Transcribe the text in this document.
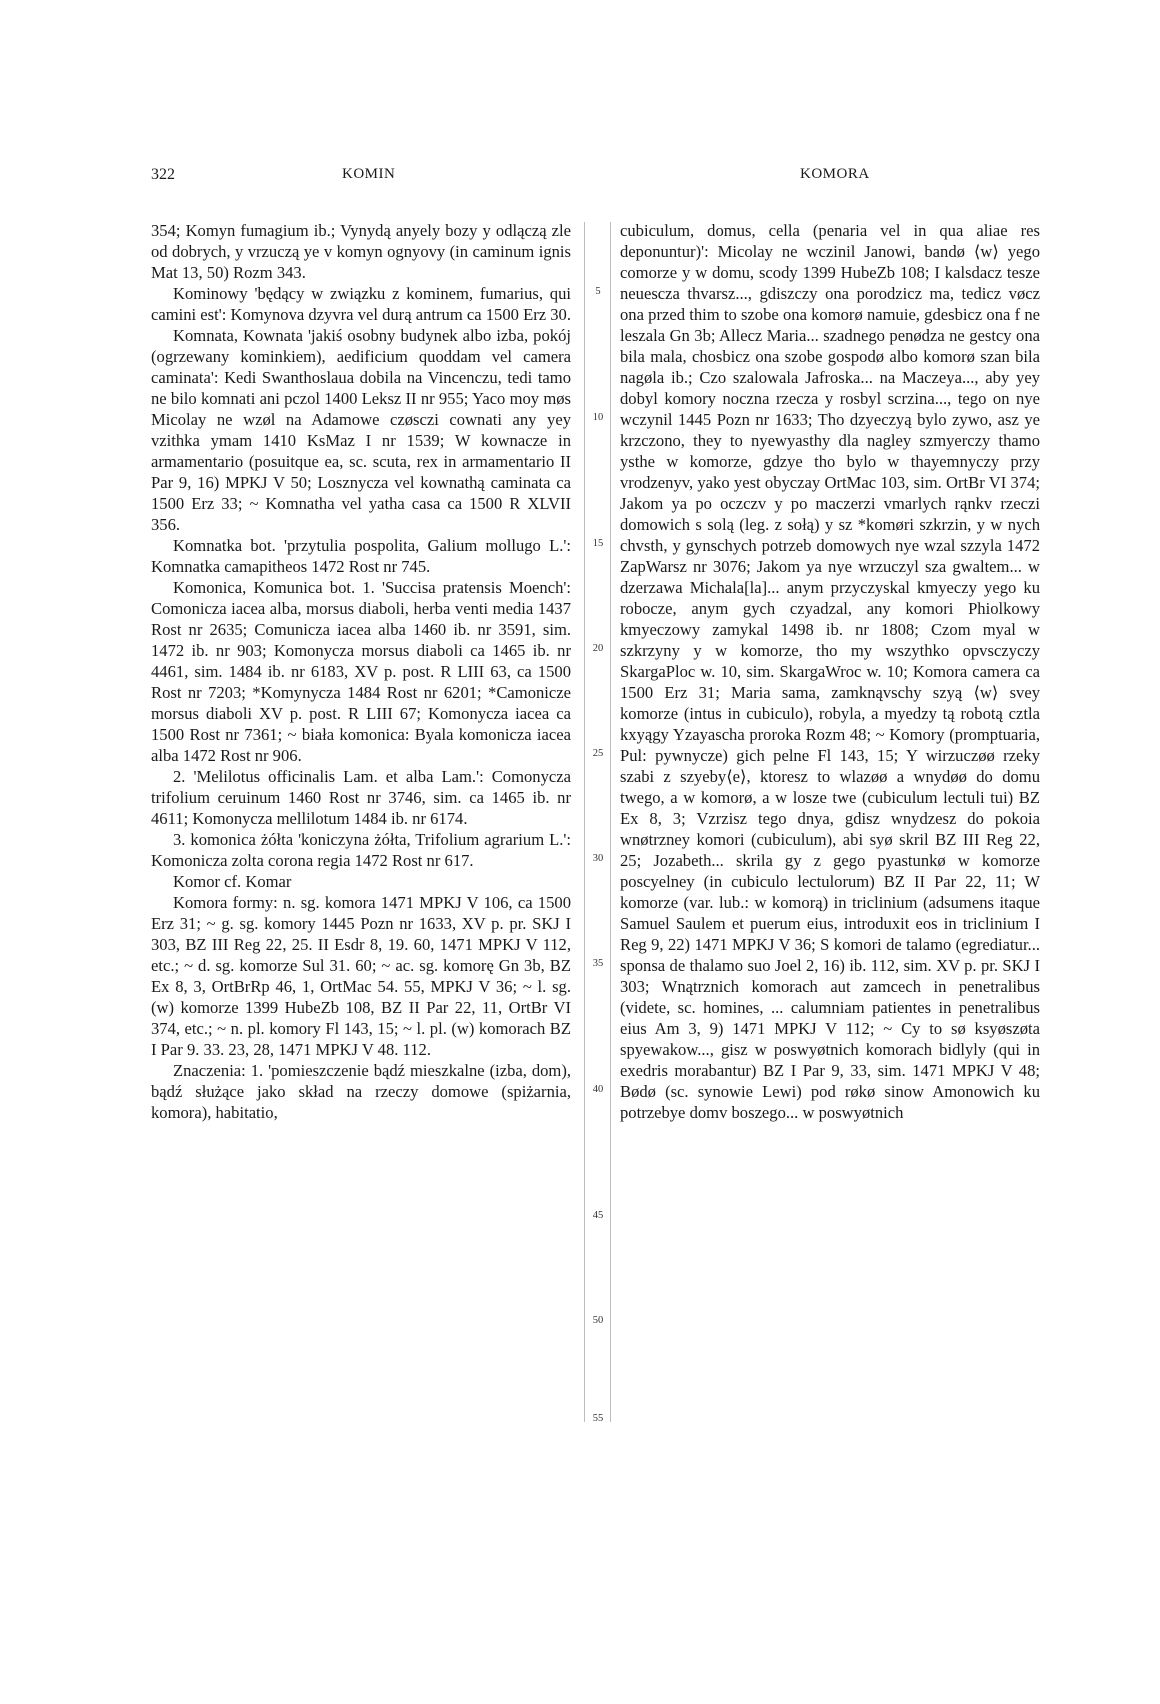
322	KOMIN	KOMORA

354; Komyn fumagium ib.; Vynydą anyely bozy y odlączą zle od dobrych, y vrzuczą ye v komyn ognyovy (in caminum ignis Mat 13, 50) Rozm 343.

Kominowy 'będący w związku z kominem, fumarius, qui camini est': Komynova dzyvra vel durą antrum ca 1500 Erz 30.

Komnata, Kownata 'jakiś osobny budynek albo izba, pokój (ogrzewany kominkiem), aedificium quoddam vel camera caminata': Kedi Swanthoslaua dobila na Vincenczu, tedi tamo ne bilo komnati ani pczol 1400 Leksz II nr 955; Yaco moy møs Micolay ne wzøl na Adamowe czøsczi cownati any yey vzithka ymam 1410 KsMaz I nr 1539; W kownacze in armamentario (posuitque ea, sc. scuta, rex in armamentario II Par 9, 16) MPKJ V 50; Losznycza vel kownathą caminata ca 1500 Erz 33; ~ Komnatha vel yatha casa ca 1500 R XLVII 356.

Komnatka bot. 'przytulia pospolita, Galium mollugo L.': Komnatka camapitheos 1472 Rost nr 745.

Komonica, Komunica bot. 1. 'Succisa pratensis Moench': Comonicza iacea alba, morsus diaboli, herba venti media 1437 Rost nr 2635; Comunicza iacea alba 1460 ib. nr 3591, sim. 1472 ib. nr 903; Komonycza morsus diaboli ca 1465 ib. nr 4461, sim. 1484 ib. nr 6183, XV p. post. R LIII 63, ca 1500 Rost nr 7203; *Komynycza 1484 Rost nr 6201; *Camonicze morsus diaboli XV p. post. R LIII 67; Komonycza iacea ca 1500 Rost nr 7361; ~ biała komonica: Byala komonicza iacea alba 1472 Rost nr 906.

2. 'Melilotus officinalis Lam. et alba Lam.': Comonycza trifolium ceruinum 1460 Rost nr 3746, sim. ca 1465 ib. nr 4611; Komonycza mellilotum 1484 ib. nr 6174.

3. komonica żółta 'koniczyna żółta, Trifolium agrarium L.': Komonicza zolta corona regia 1472 Rost nr 617.

Komor cf. Komar

Komora formy: n. sg. komora 1471 MPKJ V 106, ca 1500 Erz 31; ~ g. sg. komory 1445 Pozn nr 1633, XV p. pr. SKJ I 303, BZ III Reg 22, 25. II Esdr 8, 19. 60, 1471 MPKJ V 112, etc.; ~ d. sg. komorze Sul 31. 60; ~ ac. sg. komorę Gn 3b, BZ Ex 8, 3, OrtBrRp 46, 1, OrtMac 54. 55, MPKJ V 36; ~ l. sg. (w) komorze 1399 HubeZb 108, BZ II Par 22, 11, OrtBr VI 374, etc.; ~ n. pl. komory Fl 143, 15; ~ l. pl. (w) komorach BZ I Par 9. 33. 23, 28, 1471 MPKJ V 48. 112.

Znaczenia: 1. 'pomieszczenie bądź mieszkalne (izba, dom), bądź służące jako skład na rzeczy domowe (spiżarnia, komora), habitatio,

5
10
15
20
25
30
35
40
45
50
55

cubiculum, domus, cella (penaria vel in qua aliae res deponuntur)': Micolay ne wczinil Janowi, bandø ⟨w⟩ yego comorze y w domu, scody 1399 HubeZb 108; I kalsdacz tesze neuescza thvarsz..., gdiszczy ona porodzicz ma, tedicz vøcz ona przed thim to szobe ona komorø namuie, gdesbicz ona f ne leszala Gn 3b; Allecz Maria... szadnego penødza ne gestcy ona bila mala, chosbicz ona szobe gospodø albo komorø szan bila nagøla ib.; Czo szalowala Jafroska... na Maczeya..., aby yey dobyl komory noczna rzecza y rosbyl scrzina..., tego on nye wczynil 1445 Pozn nr 1633; Tho dzyeczyą bylo zywo, asz ye krzczono, they to nyewyasthy dla nagley szmyerczy thamo ysthe w komorze, gdzye tho bylo w thayemnyczy przy vrodzenyv, yako yest obyczay OrtMac 103, sim. OrtBr VI 374; Jakom ya po oczczv y po maczerzi vmarlych rąnkv rzeczi domowich s solą (leg. z sołą) y sz *komøri szkrzin, y w nych chvsth, y gynschych potrzeb domowych nye wzal szzyla 1472 ZapWarsz nr 3076; Jakom ya nye wrzuczyl sza gwaltem... w dzerzawa Michala[la]... anym przyczyskal kmyeczy yego ku robocze, anym gych czyadzal, any komori Phiolkowy kmyeczowy zamykal 1498 ib. nr 1808; Czom myal w szkrzyny y w komorze, tho my wszythko opvsczyczy SkargaPloc w. 10, sim. SkargaWroc w. 10; Komora camera ca 1500 Erz 31; Maria sama, zamknąvschy szyą ⟨w⟩ svey komorze (intus in cubiculo), robyla, a myedzy tą robotą cztla kxyągy Yzayascha proroka Rozm 48; ~ Komory (promptuaria, Pul: pywnycze) gich pelne Fl 143, 15; Y wirzuczøø rzeky szabi z szyeby⟨e⟩, ktoresz to wlazøø a wnydøø do domu twego, a w komorø, a w losze twe (cubiculum lectuli tui) BZ Ex 8, 3; Vzrzisz tego dnya, gdisz wnydzesz do pokoia wnøtrzney komori (cubiculum), abi syø skril BZ III Reg 22, 25; Jozabeth... skrila gy z gego pyastunkø w komorze poscyelney (in cubiculo lectulorum) BZ II Par 22, 11; W komorze (var. lub.: w komorą) in triclinium (adsumens itaque Samuel Saulem et puerum eius, introduxit eos in triclinium I Reg 9, 22) 1471 MPKJ V 36; S komori de talamo (egrediatur... sponsa de thalamo suo Joel 2, 16) ib. 112, sim. XV p. pr. SKJ I 303; Wnątrznich komorach aut zamcech in penetralibus (videte, sc. homines, ... calumniam patientes in penetralibus eius Am 3, 9) 1471 MPKJ V 112; ~ Cy to sø ksyøszøta spyewakow..., gisz w poswyøtnich komorach bidlyly (qui in exedris morabantur) BZ I Par 9, 33, sim. 1471 MPKJ V 48; Bødø (sc. synowie Lewi) pod røkø sinow Amonowich ku potrzebye domv boszego... w poswyøtnich
